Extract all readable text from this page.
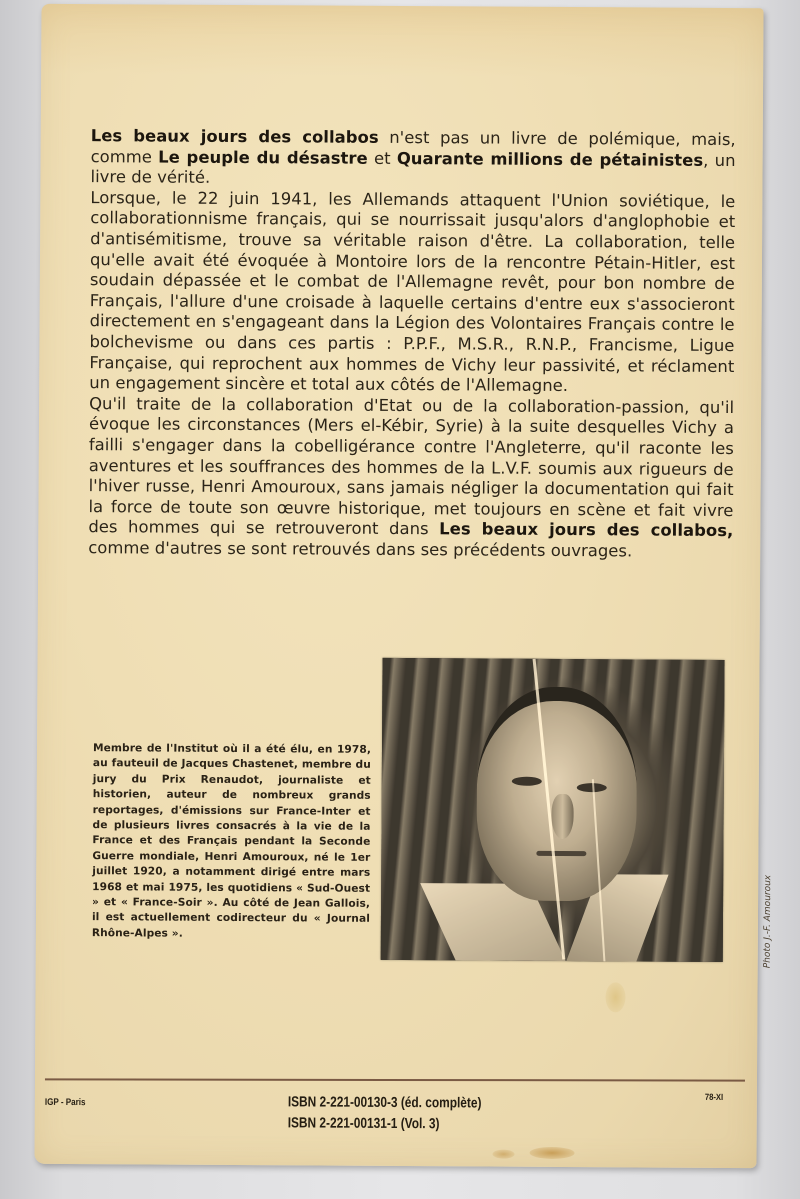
Les beaux jours des collabos n'est pas un livre de polémique, mais, comme Le peuple du désastre et Quarante millions de pétainistes, un livre de vérité.

Lorsque, le 22 juin 1941, les Allemands attaquent l'Union soviétique, le collaborationnisme français, qui se nourrissait jusqu'alors d'anglophobie et d'antisémitisme, trouve sa véritable raison d'être. La collaboration, telle qu'elle avait été évoquée à Montoire lors de la rencontre Pétain-Hitler, est soudain dépassée et le combat de l'Allemagne revêt, pour bon nombre de Français, l'allure d'une croisade à laquelle certains d'entre eux s'associeront directement en s'engageant dans la Légion des Volontaires Français contre le bolchevisme ou dans ces partis : P.P.F., M.S.R., R.N.P., Francisme, Ligue Française, qui reprochent aux hommes de Vichy leur passivité, et réclament un engagement sincère et total aux côtés de l'Allemagne.

Qu'il traite de la collaboration d'Etat ou de la collaboration-passion, qu'il évoque les circonstances (Mers el-Kébir, Syrie) à la suite desquelles Vichy a failli s'engager dans la cobelligérance contre l'Angleterre, qu'il raconte les aventures et les souffrances des hommes de la L.V.F. soumis aux rigueurs de l'hiver russe, Henri Amouroux, sans jamais négliger la documentation qui fait la force de toute son œuvre historique, met toujours en scène et fait vivre des hommes qui se retrouveront dans Les beaux jours des collabos, comme d'autres se sont retrouvés dans ses précédents ouvrages.

Membre de l'Institut où il a été élu, en 1978, au fauteuil de Jacques Chastenet, membre du jury du Prix Renaudot, journaliste et historien, auteur de nombreux grands reportages, d'émissions sur France-Inter et de plusieurs livres consacrés à la vie de la France et des Français pendant la Seconde Guerre mondiale, Henri Amouroux, né le 1er juillet 1920, a notamment dirigé entre mars 1968 et mai 1975, les quotidiens « Sud-Ouest » et « France-Soir ». Au côté de Jean Gallois, il est actuellement codirecteur du « Journal Rhône-Alpes ».	Photo J.-F. Amouroux
IGP - Paris	ISBN 2-221-00130-3 (éd. complète)
ISBN 2-221-00131-1 (Vol. 3)
78-XI
